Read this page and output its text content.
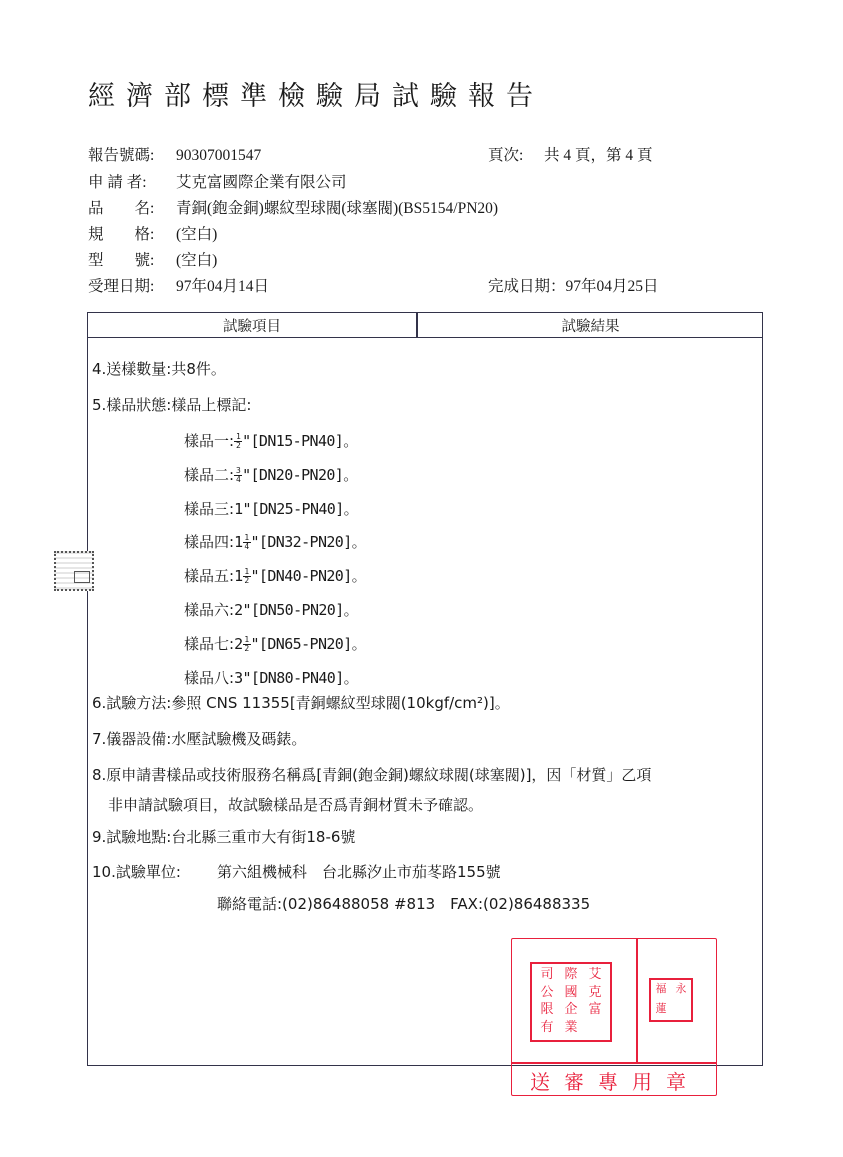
經濟部標準檢驗局試驗報告
報告號碼: 90307001547	頁次: 共 4 頁，第 4 頁
申 請 者: 艾克富國際企業有限公司
品　　名: 青銅(鉋金銅)螺紋型球閥(球塞閥)(BS5154/PN20)
規　　格: (空白)
型　　號: (空白)
受理日期: 97年04月14日	完成日期：97年04月25日
試驗項目	試驗結果
4.送樣數量:共8件。
5.樣品狀態:樣品上標記:
樣品一: $\frac{1}{2}$ "[DN15-PN40]。
樣品二: $\frac{3}{4}$ "[DN20-PN20]。
樣品三:1"[DN25-PN40]。
樣品四:1 $\frac{1}{4}$ "[DN32-PN20]。
樣品五:1 $\frac{1}{2}$ "[DN40-PN20]。
樣品六:2"[DN50-PN20]。
樣品七:2 $\frac{1}{2}$ "[DN65-PN20]。
樣品八:3"[DN80-PN40]。
6.試驗方法:參照 CNS 11355[青銅螺紋型球閥(10kgf/cm²)]。
7.儀器設備:水壓試驗機及碼錶。
8.原申請書樣品或技術服務名稱爲[青銅(鉋金銅)螺紋球閥(球塞閥)]，因「材質」乙項
非申請試驗項目，故試驗樣品是否爲青銅材質未予確認。
9.試驗地點:台北縣三重市大有街18-6號
10.試驗單位: 第六組機械科　台北縣汐止市茄苳路155號
聯絡電話:(02)86488058 #813　FAX:(02)86488335
司 際 艾
公 國 克
限 企 富
有 業
福 永
蓮
送審專用章
